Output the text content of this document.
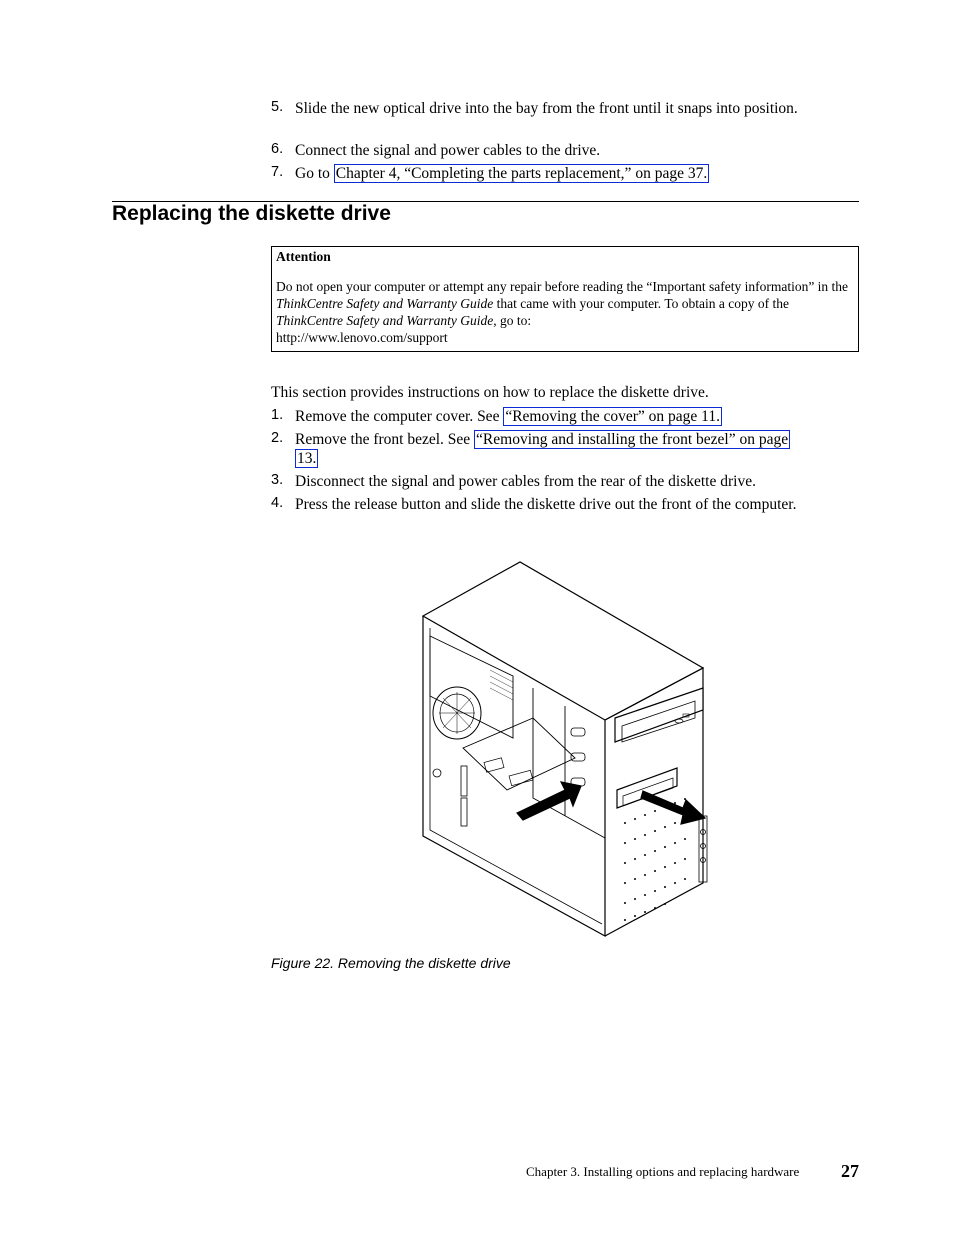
5. Slide the new optical drive into the bay from the front until it snaps into position.
6. Connect the signal and power cables to the drive.
7. Go to Chapter 4, “Completing the parts replacement,” on page 37.
Replacing the diskette drive
Attention
Do not open your computer or attempt any repair before reading the “Important safety information” in the ThinkCentre Safety and Warranty Guide that came with your computer. To obtain a copy of the ThinkCentre Safety and Warranty Guide, go to:
http://www.lenovo.com/support
This section provides instructions on how to replace the diskette drive.
1. Remove the computer cover. See “Removing the cover” on page 11.
2. Remove the front bezel. See “Removing and installing the front bezel” on page
13.
3. Disconnect the signal and power cables from the rear of the diskette drive.
4. Press the release button and slide the diskette drive out the front of the computer.
Figure 22. Removing the diskette drive
Chapter 3. Installing options and replacing hardware 27
